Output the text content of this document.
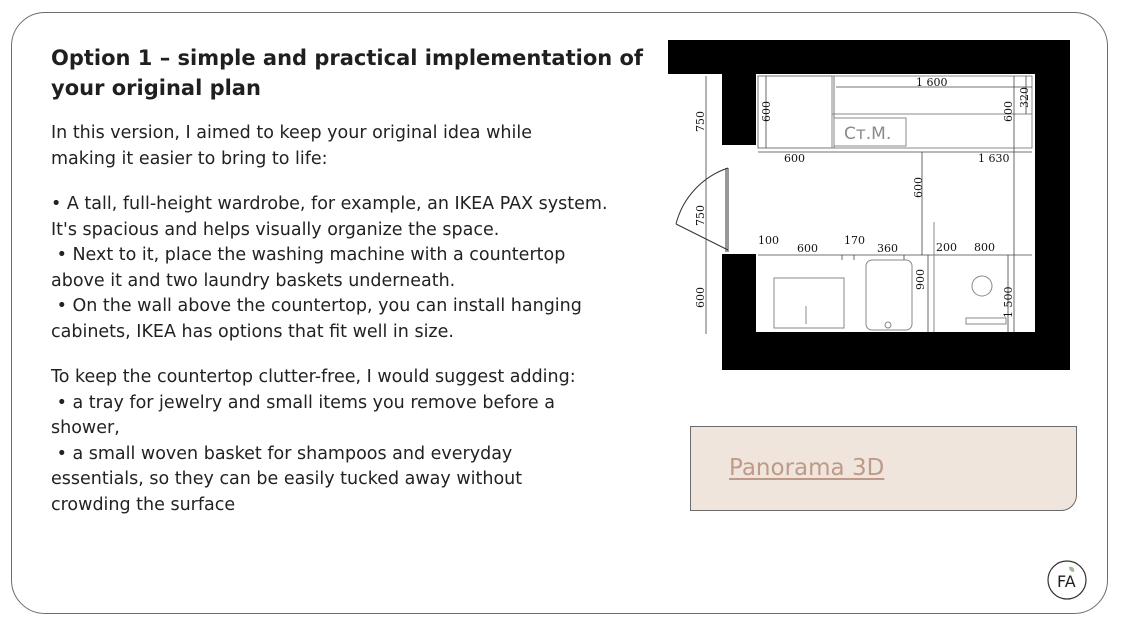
Option 1 – simple and practical implementation of
your original plan

In this version, I aimed to keep your original idea while
making it easier to bring to life:

• A tall, full-height wardrobe, for example, an IKEA PAX system.
It's spacious and helps visually organize the space.
• Next to it, place the washing machine with a countertop
above it and two laundry baskets underneath.
• On the wall above the countertop, you can install hanging
cabinets, IKEA has options that fit well in size.

To keep the countertop clutter-free, I would suggest adding:
• a tray for jewelry and small items you remove before a
shower,
• a small woven basket for shampoos and everyday
essentials, so they can be easily tucked away without
crowding the surface

1 600
320
600	600
Ст.М.
600	1 630
750
750
600
100
600
170
360	200 800
900
1 500
600
Panorama 3D
FA
